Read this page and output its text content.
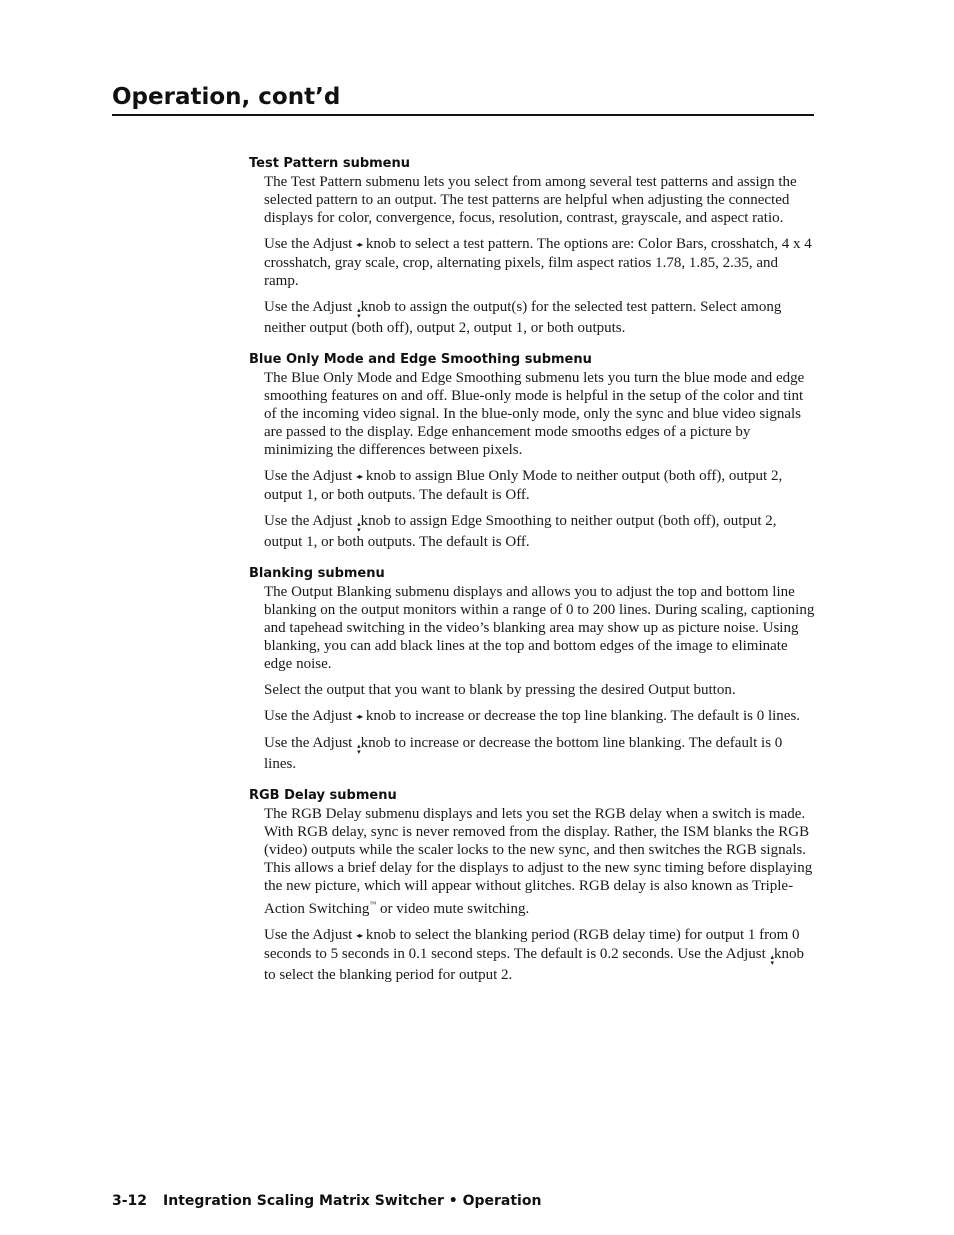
Operation, cont’d

Test Pattern submenu

The Test Pattern submenu lets you select from among several test patterns and assign the selected pattern to an output. The test patterns are helpful when adjusting the connected displays for color, convergence, focus, resolution, contrast, grayscale, and aspect ratio.

Use the Adjust ◂▸ knob to select a test pattern. The options are: Color Bars, crosshatch, 4 x 4 crosshatch, gray scale, crop, alternating pixels, film aspect ratios 1.78, 1.85, 2.35, and ramp.

Use the Adjust ▴
▾
knob to assign the output(s) for the selected test pattern. Select among neither output (both off), output 2, output 1, or both outputs.

Blue Only Mode and Edge Smoothing submenu

The Blue Only Mode and Edge Smoothing submenu lets you turn the blue mode and edge smoothing features on and off. Blue-only mode is helpful in the setup of the color and tint of the incoming video signal. In the blue-only mode, only the sync and blue video signals are passed to the display. Edge enhancement mode smooths edges of a picture by minimizing the differences between pixels.

Use the Adjust ◂▸ knob to assign Blue Only Mode to neither output (both off), output 2, output 1, or both outputs. The default is Off.

Use the Adjust ▴
▾
knob to assign Edge Smoothing to neither output (both off), output 2, output 1, or both outputs. The default is Off.

Blanking submenu

The Output Blanking submenu displays and allows you to adjust the top and bottom line blanking on the output monitors within a range of 0 to 200 lines. During scaling, captioning and tapehead switching in the video’s blanking area may show up as picture noise. Using blanking, you can add black lines at the top and bottom edges of the image to eliminate edge noise.

Select the output that you want to blank by pressing the desired Output button.

Use the Adjust ◂▸ knob to increase or decrease the top line blanking. The default is 0 lines.

Use the Adjust ▴
▾
knob to increase or decrease the bottom line blanking. The default is 0 lines.

RGB Delay submenu

The RGB Delay submenu displays and lets you set the RGB delay when a switch is made. With RGB delay, sync is never removed from the display. Rather, the ISM blanks the RGB (video) outputs while the scaler locks to the new sync, and then switches the RGB signals. This allows a brief delay for the displays to adjust to the new sync timing before displaying the new picture, which will appear without glitches. RGB delay is also known as Triple-Action Switching™ or video mute switching.

Use the Adjust ◂▸ knob to select the blanking period (RGB delay time) for output 1 from 0 seconds to 5 seconds in 0.1 second steps. The default is 0.2 seconds. Use the Adjust ▴
▾
knob to select the blanking period for output 2.

3-12 Integration Scaling Matrix Switcher • Operation
